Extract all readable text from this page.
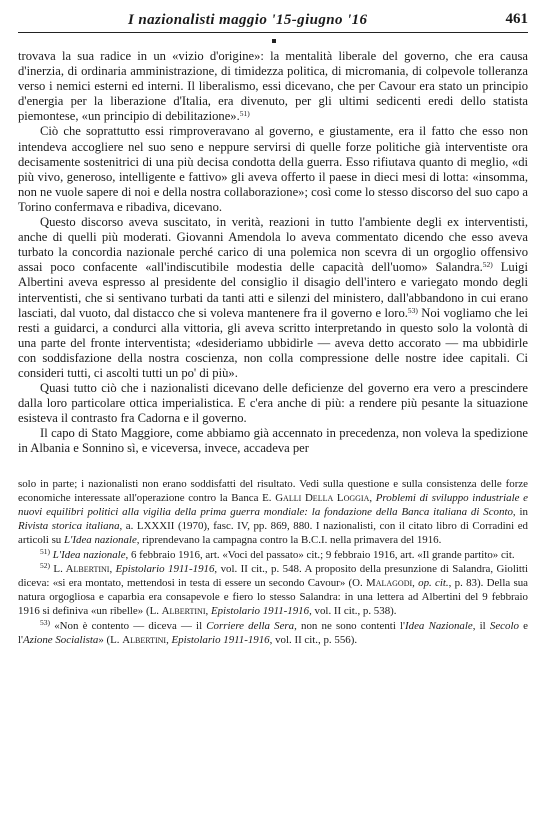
I nazionalisti maggio '15-giugno '16	461

trovava la sua radice in un «vizio d'origine»: la mentalità liberale del governo, che era causa d'inerzia, di ordinaria amministrazione, di timidezza politica, di micromania, di colpevole tolleranza verso i nemici esterni ed interni. Il liberalismo, essi dicevano, che per Cavour era stato un principio d'energia per la liberazione d'Italia, era divenuto, per gli ultimi sedicenti eredi dello statista piemontese, «un principio di debilitazione».$^{51)}$

Ciò che soprattutto essi rimproveravano al governo, e giustamente, era il fatto che esso non intendeva accogliere nel suo seno e neppure servirsi di quelle forze politiche già interventiste ora decisamente sostenitrici di una più decisa condotta della guerra. Esso rifiutava quanto di meglio, «di più vivo, generoso, intelligente e fattivo» gli aveva offerto il paese in dieci mesi di lotta: «insomma, non ne vuole sapere di noi e della nostra collaborazione»; così come lo stesso discorso del suo capo a Torino confermava e ribadiva, dicevano.

Questo discorso aveva suscitato, in verità, reazioni in tutto l'ambiente degli ex interventisti, anche di quelli più moderati. Giovanni Amendola lo aveva commentato dicendo che esso aveva turbato la concordia nazionale perché carico di una polemica non scevra di un orgoglio offensivo assai poco confacente «all'indiscutibile modestia delle capacità dell'uomo» Salandra.$^{52)}$ Luigi Albertini aveva espresso al presidente del consiglio il disagio dell'intero e variegato mondo degli interventisti, che si sentivano turbati da tanti atti e silenzi del ministero, dall'abbandono in cui erano lasciati, dal vuoto, dal distacco che si voleva mantenere fra il governo e loro.$^{53)}$ Noi vogliamo che lei resti a guidarci, a condurci alla vittoria, gli aveva scritto interpretando in questo solo la volontà di una parte del fronte interventista; «desideriamo ubbidirle — aveva detto accorato — ma ubbidirle con soddisfazione della nostra coscienza, non colla compressione delle nostre idee capitali. Ci consideri tutti, ci ascolti tutti un po' di più».

Quasi tutto ciò che i nazionalisti dicevano delle deficienze del governo era vero a prescindere dalla loro particolare ottica imperialistica. E c'era anche di più: a rendere più pesante la situazione esisteva il contrasto fra Cadorna e il governo.

Il capo di Stato Maggiore, come abbiamo già accennato in precedenza, non voleva la spedizione in Albania e Sonnino sì, e viceversa, invece, accadeva per

solo in parte; i nazionalisti non erano soddisfatti del risultato. Vedi sulla questione e sulla consistenza delle forze economiche interessate all'operazione contro la Banca E. Galli Della Loggia, Problemi di sviluppo industriale e nuovi equilibri politici alla vigilia della prima guerra mondiale: la fondazione della Banca italiana di Sconto, in Rivista storica italiana, a. LXXXII (1970), fasc. IV, pp. 869, 880. I nazionalisti, con il citato libro di Corradini ed articoli su L'Idea nazionale, riprendevano la campagna contro la B.C.I. nella primavera del 1916.

$^{51)}$ L'Idea nazionale, 6 febbraio 1916, art. «Voci del passato» cit.; 9 febbraio 1916, art. «Il grande partito» cit.

$^{52)}$ L. Albertini, Epistolario 1911-1916, vol. II cit., p. 548. A proposito della presunzione di Salandra, Giolitti diceva: «si era montato, mettendosi in testa di essere un secondo Cavour» (O. Malagodi, op. cit., p. 83). Della sua natura orgogliosa e caparbia era consapevole e fiero lo stesso Salandra: in una lettera ad Albertini del 9 febbraio 1916 si definiva «un ribelle» (L. Albertini, Epistolario 1911-1916, vol. II cit., p. 538).

$^{53)}$ «Non è contento — diceva — il Corriere della Sera, non ne sono contenti l'Idea Nazionale, il Secolo e l'Azione Socialista» (L. Albertini, Epistolario 1911-1916, vol. II cit., p. 556).
